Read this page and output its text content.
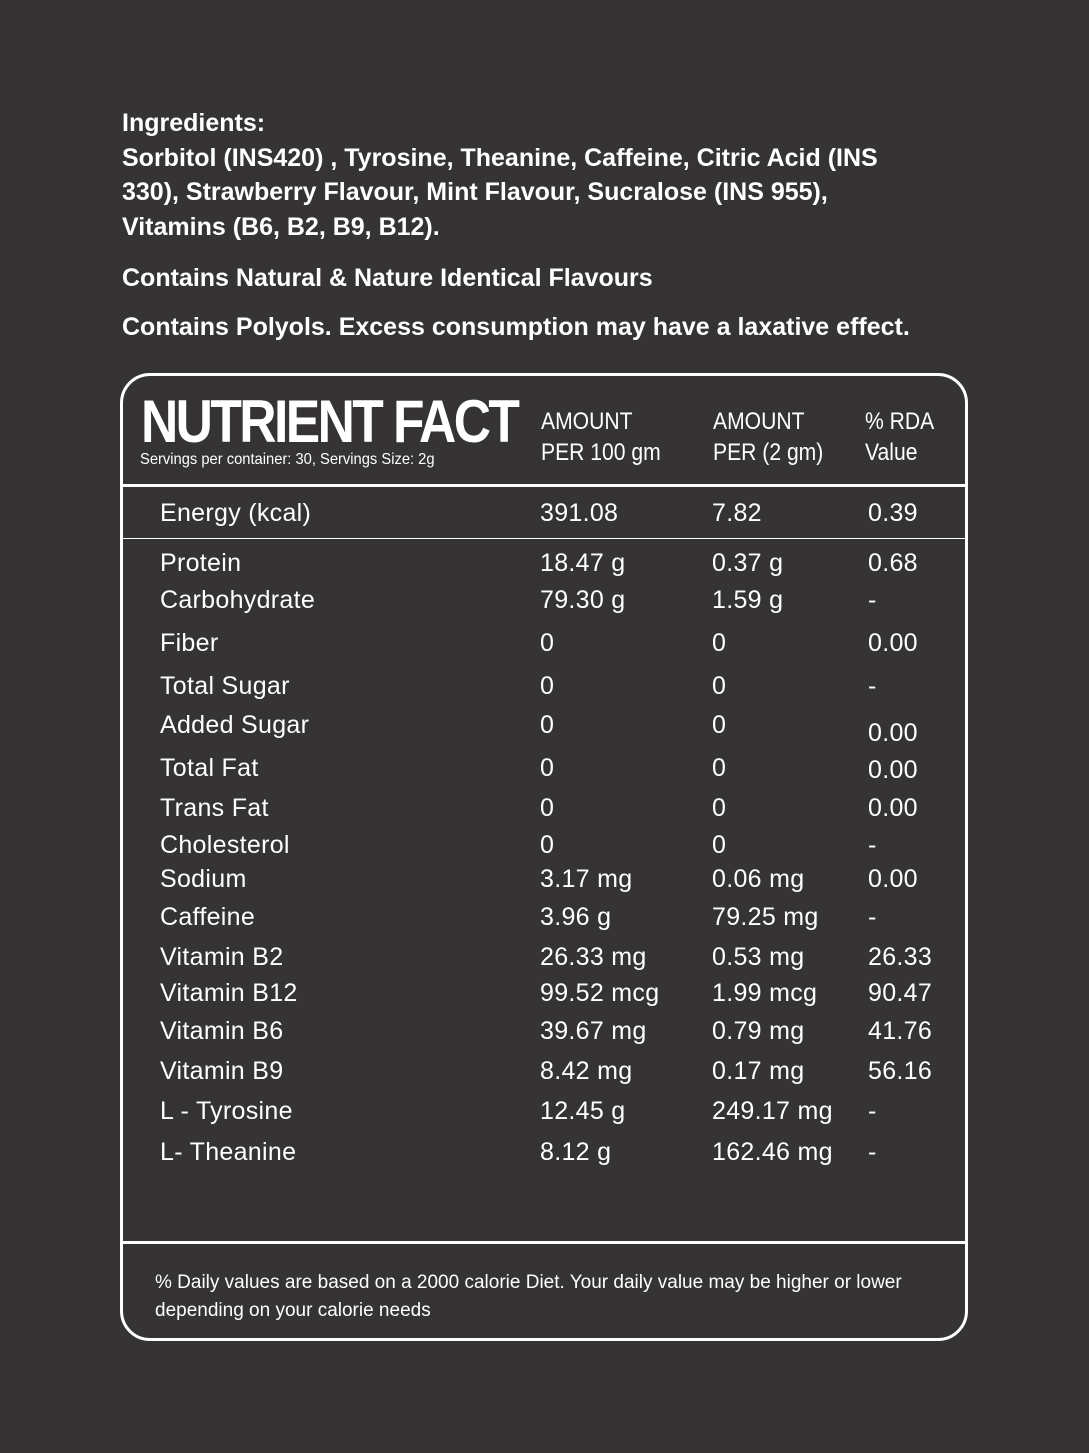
Ingredients:

Sorbitol (INS420) , Tyrosine, Theanine, Caffeine, Citric Acid (INS

330), Strawberry Flavour, Mint Flavour, Sucralose (INS 955),

Vitamins (B6, B2, B9, B12).

Contains Natural & Nature Identical Flavours
Contains Polyols. Excess consumption may have a laxative effect.
NUTRIENT FACT
Servings per container: 30, Servings Size: 2g
AMOUNT
PER 100 gm
AMOUNT
PER (2 gm)
% RDA
Value
Energy (kcal)	391.08	7.82	0.39
Protein	18.47 g	0.37 g	0.68
Carbohydrate	79.30 g	1.59 g	-
Fiber	0	0	0.00
Total Sugar	0	0	-
Added Sugar	0	0	0.00
Total Fat	0	0	0.00
Trans Fat	0	0	0.00
Cholesterol	0	0	-
Sodium	3.17 mg	0.06 mg	0.00
Caffeine	3.96 g	79.25 mg -
Vitamin B2	26.33 mg	0.53 mg	26.33
Vitamin B12	99.52 mcg 1.99 mcg 90.47
Vitamin B6	39.67 mg	0.79 mg	41.76
Vitamin B9	8.42 mg	0.17 mg	56.16
L - Tyrosine	12.45 g	249.17 mg -
L- Theanine	8.12 g	162.46 mg -
% Daily values are based on a 2000 calorie Diet. Your daily value may be higher or lower depending on your calorie needs
